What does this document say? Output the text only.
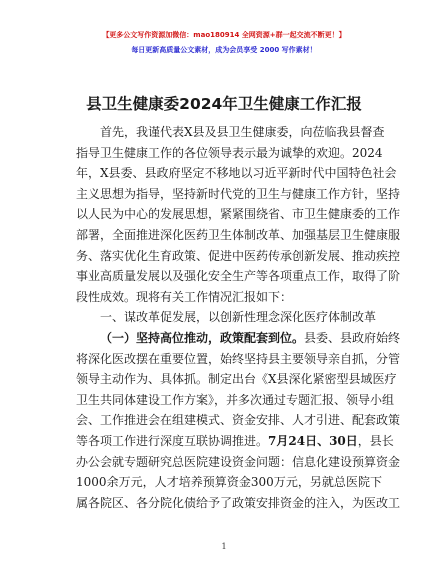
【更多公文写作资源加微信：mao180914 全网资源+群一起交流不断更！】
每日更新高质量公文素材，成为会员享受 2000 写作素材！
县卫生健康委2024年卫生健康工作汇报
首先，我谨代表X县及县卫生健康委，向莅临我县督查
指导卫生健康工作的各位领导表示最为诚挚的欢迎。2024
年，X县委、县政府坚定不移地以习近平新时代中国特色社会
主义思想为指导，坚持新时代党的卫生与健康工作方针，坚持
以人民为中心的发展思想，紧紧围绕省、市卫生健康委的工作
部署，全面推进深化医药卫生体制改革、加强基层卫生健康服
务、落实优化生育政策、促进中医药传承创新发展、推动疾控
事业高质量发展以及强化安全生产等各项重点工作，取得了阶
段性成效。现将有关工作情况汇报如下：
一、谋改革促发展，以创新性理念深化医疗体制改革
（一）坚持高位推动，政策配套到位。县委、县政府始终
将深化医改摆在重要位置，始终坚持县主要领导亲自抓，分管
领导主动作为、具体抓。制定出台《X县深化紧密型县域医疗
卫生共同体建设工作方案》，并多次通过专题汇报、领导小组
会、工作推进会在组建模式、资金安排、人才引进、配套政策
等各项工作进行深度互联协调推进。7月24日、30日，县长
办公会就专题研究总医院建设资金问题：信息化建设预算资金
1000余万元，人才培养预算资金300万元，另就总医院下
属各院区、各分院化债给予了政策安排资金的注入，为医改工
1
